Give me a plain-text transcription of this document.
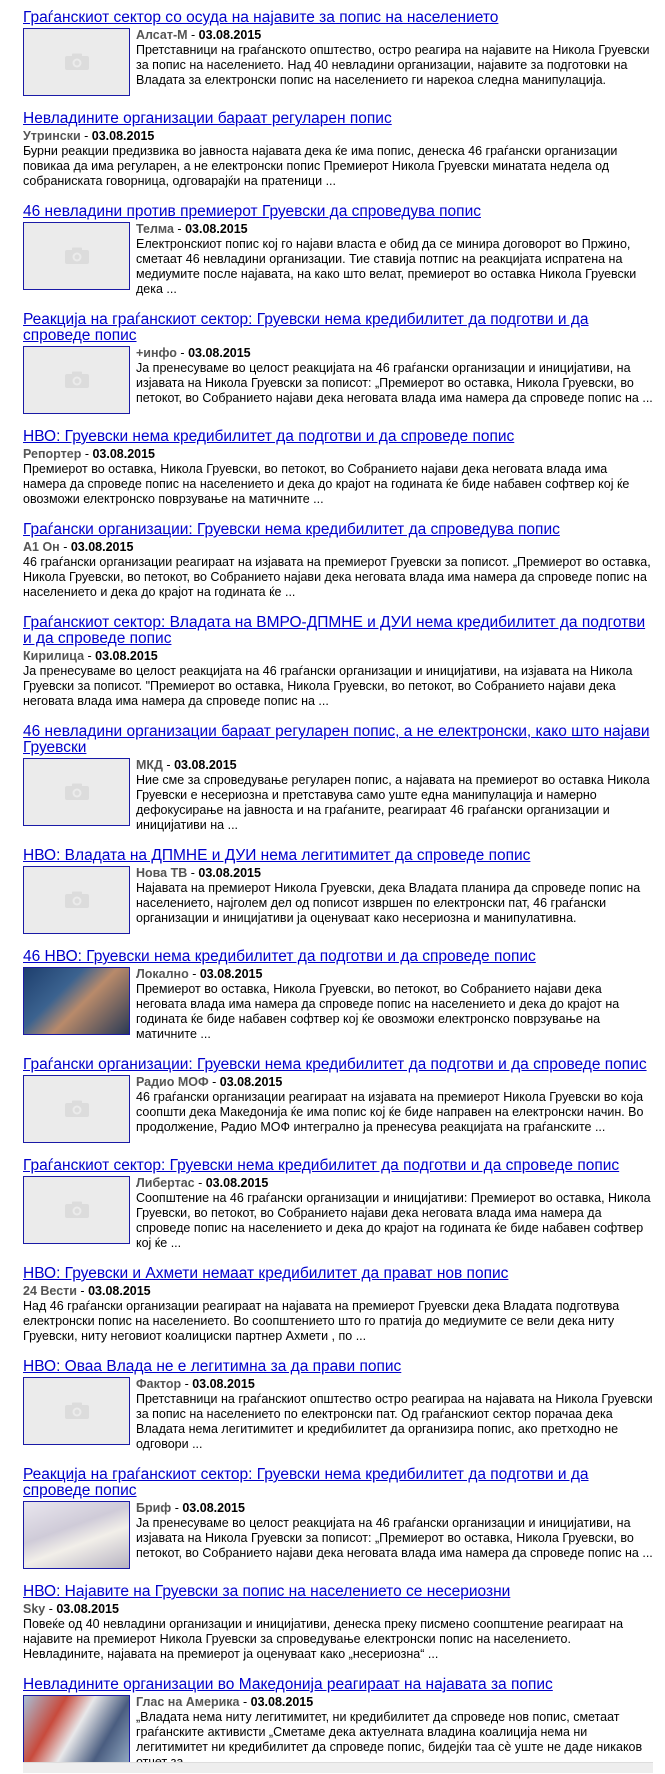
Граѓанскиот сектор со осуда на најавите за попис на населението
Алсат-М - 03.08.2015
Претставници на граѓанското општество, остро реагира на најавите на Никола Груевски за попис на населението. Над 40 невладини организации, најавите за подготовки на Владата за електронски попис на населението ги нарекоа следна манипулација.
Невладините организации бараат регуларен попис
Утрински - 03.08.2015
Бурни реакции предизвика во јавноста најавата дека ќе има попис, денеска 46 граѓански организации повикаа да има регуларен, а не електронски попис Премиерот Никола Груевски минатата недела од собраниската говорница, одговарајќи на пратеници ...
46 невладини против премиерот Груевски да спроведува попис
Телма - 03.08.2015
Електронскиот попис кој го најави власта е обид да се минира договорот во Пржино, сметаат 46 невладини организации. Тие ставија потпис на реакцијата испратена на медиумите после најавата, на како што велат, премиерот во оставка Никола Груевски дека ...
Реакција на граѓанскиот сектор: Груевски нема кредибилитет да подготви и да спроведе попис
+инфо - 03.08.2015
Ја пренесуваме во целост реакцијата на 46 граѓански организации и иницијативи, на изјавата на Никола Груевски за пописот: „Премиерот во оставка, Никола Груевски, во петокот, во Собранието најави дека неговата влада има намера да спроведе попис на ...
НВО: Груевски нема кредибилитет да подготви и да спроведе попис
Репортер - 03.08.2015
Премиерот во оставка, Никола Груевски, во петокот, во Собранието најави дека неговата влада има намера да спроведе попис на населението и дека до крајот на годината ќе биде набавен софтвер кој ќе овозможи електронско поврзување на матичните ...
Граѓански организации: Груевски нема кредибилитет да спроведува попис
А1 Он - 03.08.2015
46 граѓански организации реагираат на изјавата на премиерот Груевски за пописот. „Премиерот во оставка, Никола Груевски, во петокот, во Собранието најави дека неговата влада има намера да спроведе попис на населението и дека до крајот на годината ќе ...
Граѓанскиот сектор: Владата на ВМРО-ДПМНЕ и ДУИ нема кредибилитет да подготви и да спроведе попис
Кирилица - 03.08.2015
Ја пренесуваме во целост реакцијата на 46 граѓански организации и иницијативи, на изјавата на Никола Груевски за пописот. "Премиерот во оставка, Никола Груевски, во петокот, во Собранието најави дека неговата влада има намера да спроведе попис на ...
46 невладини организации бараат регуларен попис, а не електронски, како што најави Груевски
МКД - 03.08.2015
Ние сме за спроведување регуларен попис, а најавата на премиерот во оставка Никола Груевски е несериозна и претставува само уште една манипулација и намерно дефокусирање на јавноста и на граѓаните, реагираат 46 граѓански организации и иницијативи на ...
НВО: Владата на ДПМНЕ и ДУИ нема легитимитет да спроведе попис
Нова ТВ - 03.08.2015
Најавата на премиерот Никола Груевски, дека Владата планира да спроведе попис на населението, најголем дел од пописот извршен по електронски пат, 46 граѓански организации и иницијативи ја оценуваат како несериозна и манипулативна.
46 НВО: Груевски нема кредибилитет да подготви и да спроведе попис
Локално - 03.08.2015
Премиерот во оставка, Никола Груевски, во петокот, во Собранието најави дека неговата влада има намера да спроведе попис на населението и дека до крајот на годината ќе биде набавен софтвер кој ќе овозможи електронско поврзување на матичните ...
Граѓански организации: Груевски нема кредибилитет да подготви и да спроведе попис
Радио МОФ - 03.08.2015
46 граѓански организации реагираат на изјавата на премиерот Никола Груевски во која соопшти дека Македонија ќе има попис кој ќе биде направен на електронски начин. Во продолжение, Радио МОФ интегрално ја пренесува реакцијата на граѓанските ...
Граѓанскиот сектор: Груевски нема кредибилитет да подготви и да спроведе попис
Либертас - 03.08.2015
Соопштение на 46 граѓански организации и иницијативи: Премиерот во оставка, Никола Груевски, во петокот, во Собранието најави дека неговата влада има намера да спроведе попис на населението и дека до крајот на годината ќе биде набавен софтвер кој ќе ...
НВО: Груевски и Ахмети немаат кредибилитет да прават нов попис
24 Вести - 03.08.2015
Над 46 граѓански организации реагираат на најавата на премиерот Груевски дека Владата подготвува електронски попис на населението. Во соопштението што го пратија до медиумите се вели дека ниту Груевски, ниту неговиот коалициски партнер Ахмети , по ...
НВО: Оваа Влада не е легитимна за да прави попис
Фактор - 03.08.2015
Претставници на граѓанскиот општество остро реагираа на најавата на Никола Груевски за попис на населението по електронски пат. Од граѓанскиот сектор порачаа дека Владата нема легитимитет и кредибилитет да организира попис, ако претходно не одговори ...
Реакција на граѓанскиот сектор: Груевски нема кредибилитет да подготви и да спроведе попис
Бриф - 03.08.2015
Ја пренесуваме во целост реакцијата на 46 граѓански организации и иницијативи, на изјавата на Никола Груевски за пописот: „Премиерот во оставка, Никола Груевски, во петокот, во Собранието најави дека неговата влада има намера да спроведе попис на ...
НВО: Најавите на Груевски за попис на населението се несериозни
Sky - 03.08.2015
Повеќе од 40 невладини организации и иницијативи, денеска преку писмено соопштение реагираат на најавите на премиерот Никола Груевски за спроведување електронски попис на населението. Невладините, најавата на премиерот ја оценуваат како „несериозна“ ...
Невладините организации во Македонија реагираат на најавата за попис
Глас на Америка - 03.08.2015
„Владата нема ниту легитимитет, ни кредибилитет да спроведе нов попис, сметаат граѓанските активисти „Сметаме дека актуелната владина коалиција нема ни легитимитет ни кредибилитет да спроведе попис, бидејќи таа сѐ уште не даде никаков
